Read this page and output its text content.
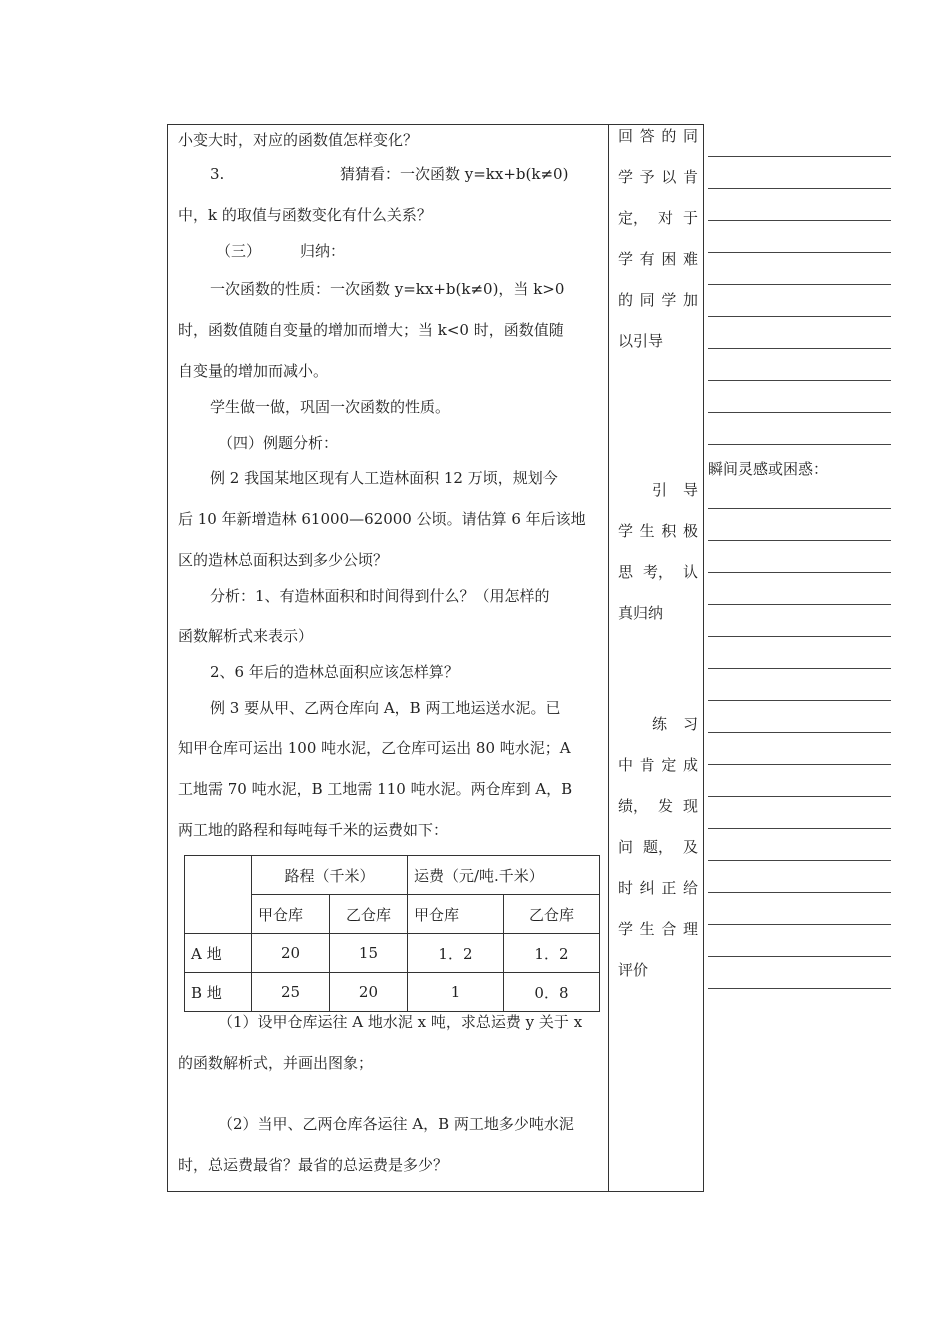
小变大时，对应的函数值怎样变化？
3.	猜猜看：一次函数 y=kx+b(k≠0)
中，k 的取值与函数变化有什么关系？
（三）	归纳：
一次函数的性质：一次函数 y=kx+b(k≠0)，当 k>0
时，函数值随自变量的增加而增大；当 k<0 时，函数值随
自变量的增加而减小。
学生做一做，巩固一次函数的性质。
（四）例题分析：
例 2 我国某地区现有人工造林面积 12 万顷，规划今
后 10 年新增造林 61000—62000 公顷。请估算 6 年后该地
区的造林总面积达到多少公顷？
分析：1、有造林面积和时间得到什么？（用怎样的
函数解析式来表示）
2、6 年后的造林总面积应该怎样算？
例 3 要从甲、乙两仓库向 A，B 两工地运送水泥。已
知甲仓库可运出 100 吨水泥，乙仓库可运出 80 吨水泥；A
工地需 70 吨水泥，B 工地需 110 吨水泥。两仓库到 A，B
两工地的路程和每吨每千米的运费如下：
（1）设甲仓库运往 A 地水泥 x 吨，求总运费 y 关于 x
的函数解析式，并画出图象；
（2）当甲、乙两仓库各运往 A，B 两工地多少吨水泥
时，总运费最省？最省的总运费是多少？
	路程（千米）		运费（元/吨.千米）	
	甲仓库	乙仓库	甲仓库	乙仓库
A 地	20	15	1．2	1．2
B 地	25	20	1	0．8
回 答 的 同
学 予 以 肯
定， 对 于
学 有 困 难
的 同 学 加
以引导
引 导
学 生 积 极
思 考， 认
真归纳
练 习
中 肯 定 成
绩， 发 现
问 题， 及
时 纠 正 给
学 生 合 理
评价
瞬间灵感或困惑：
